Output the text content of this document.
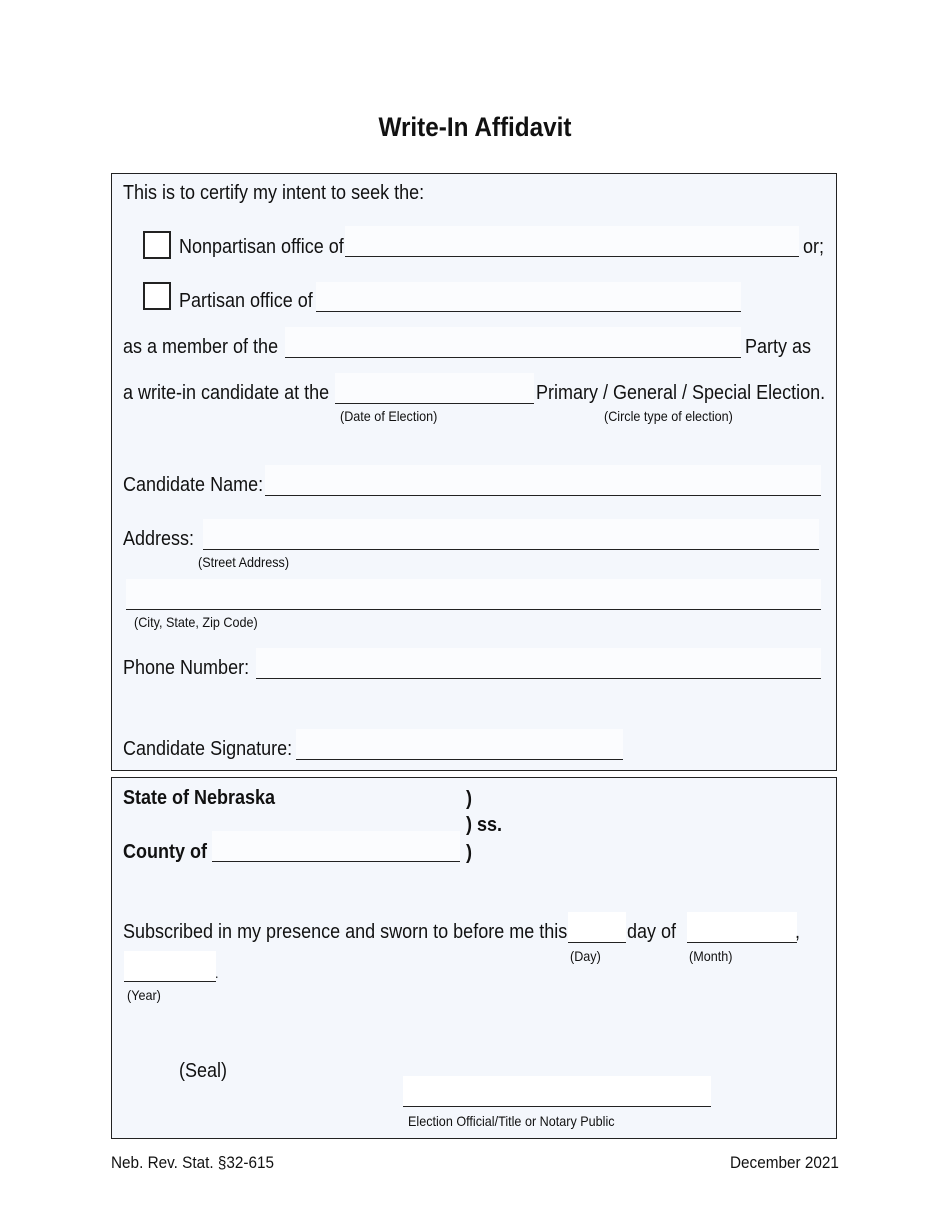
Write-In Affidavit
This is to certify my intent to seek the:
Nonpartisan office of	or;
Partisan office of
as a member of the	Party as
a write-in candidate at the	Primary / General / Special Election.
(Date of Election)	(Circle type of election)
Candidate Name:
Address:
(Street Address)
(City, State, Zip Code)
Phone Number:
Candidate Signature:
State of Nebraska	)
) ss.
County of	)
Subscribed in my presence and sworn to before me this	day of	,
(Day)	(Month)
.
(Year)
(Seal)
Election Official/Title or Notary Public
Neb. Rev. Stat. §32-615	December 2021
